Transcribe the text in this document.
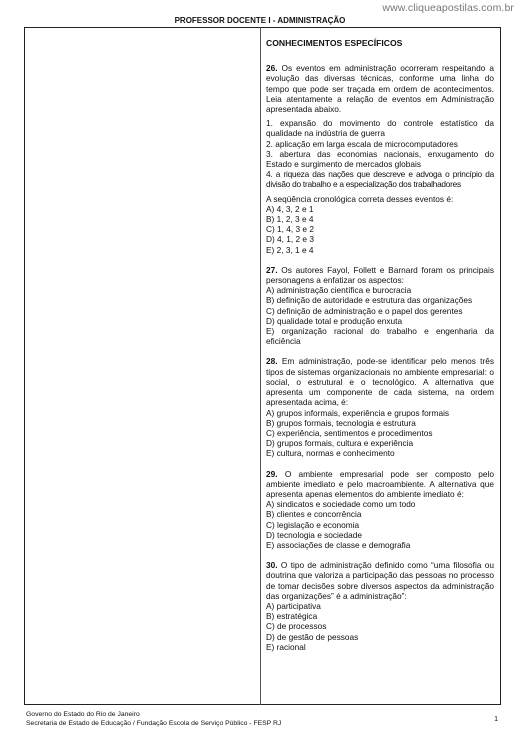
www.cliqueapostilas.com.br
PROFESSOR DOCENTE I - ADMINISTRAÇÃO
CONHECIMENTOS ESPECÍFICOS
26. Os eventos em administração ocorreram respeitando a evolução das diversas técnicas, conforme uma linha do tempo que pode ser traçada em ordem de acontecimentos. Leia atentamente a relação de eventos em Administração apresentada abaixo.
1. expansão do movimento do controle estatístico da qualidade na indústria de guerra
2. aplicação em larga escala de microcomputadores
3. abertura das economias nacionais, enxugamento do Estado e surgimento de mercados globais
4. a riqueza das nações que descreve e advoga o princípio da divisão do trabalho e a especialização dos trabalhadores
A seqüência cronológica correta desses eventos é:
A) 4, 3, 2 e 1
B) 1, 2, 3 e 4
C) 1, 4, 3 e 2
D) 4, 1, 2 e 3
E) 2, 3, 1 e 4
27. Os autores Fayol, Follett e Barnard foram os principais personagens a enfatizar os aspectos:
A) administração científica e burocracia
B) definição de autoridade e estrutura das organizações
C) definição de administração e o papel dos gerentes
D) qualidade total e produção enxuta
E) organização racional do trabalho e engenharia da eficiência
28. Em administração, pode-se identificar pelo menos três tipos de sistemas organizacionais no ambiente empresarial: o social, o estrutural e o tecnológico. A alternativa que apresenta um componente de cada sistema, na ordem apresentada acima, é:
A) grupos informais, experiência e grupos formais
B) grupos formais, tecnologia e estrutura
C) experiência, sentimentos e procedimentos
D) grupos formais, cultura e experiência
E) cultura, normas e conhecimento
29. O ambiente empresarial pode ser composto pelo ambiente imediato e pelo macroambiente. A alternativa que apresenta apenas elementos do ambiente imediato é:
A) sindicatos e sociedade como um todo
B) clientes e concorrência
C) legislação e economia
D) tecnologia e sociedade
E) associações de classe e demografia
30. O tipo de administração definido como “uma filosofia ou doutrina que valoriza a participação das pessoas no processo de tomar decisões sobre diversos aspectos da administração das organizações” é a administração”:
A) participativa
B) estratégica
C) de processos
D) de gestão de pessoas
E) racional
Governo do Estado do Rio de Janeiro
Secretaria de Estado de Educação / Fundação Escola de Serviço Público - FESP RJ	1
